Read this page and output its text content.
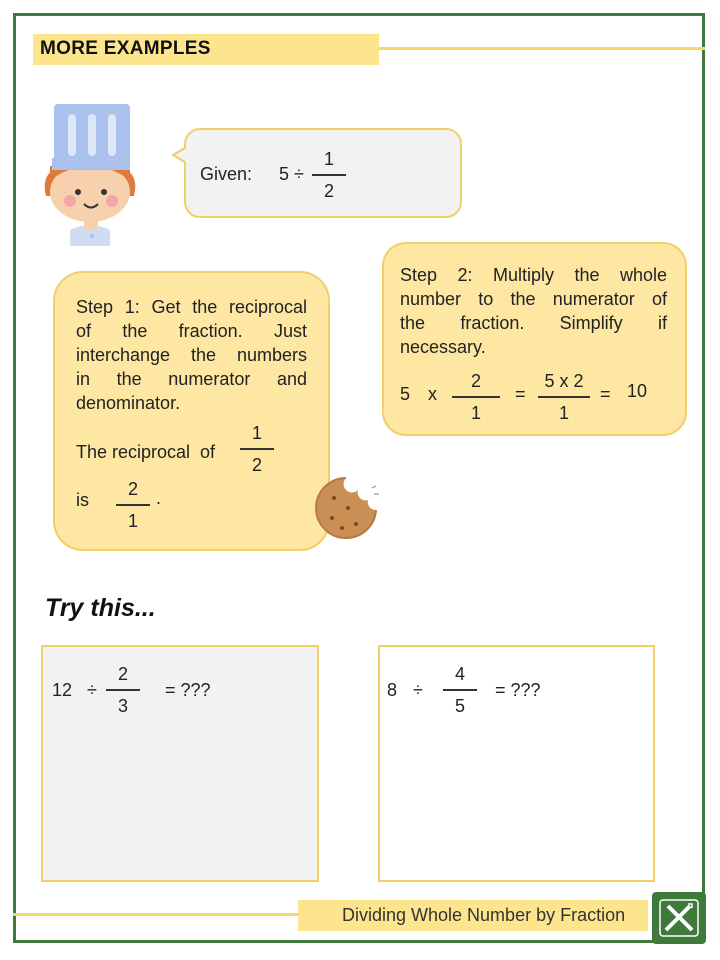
MORE EXAMPLES
Given: 5 ÷
1
2
Step 1: Get the reciprocal
of the fraction. Just
interchange the numbers
in the numerator and
denominator.
The reciprocal  of
1
2
is
2
1
.
Step 2: Multiply the whole
number to the numerator of
the fraction. Simplify if
necessary.
5 x
2
1
=
5 x 2
1
= 10
Try this...
12 ÷
2
3
= ???	8 ÷
4
5
= ???
Dividing Whole Number by Fraction
